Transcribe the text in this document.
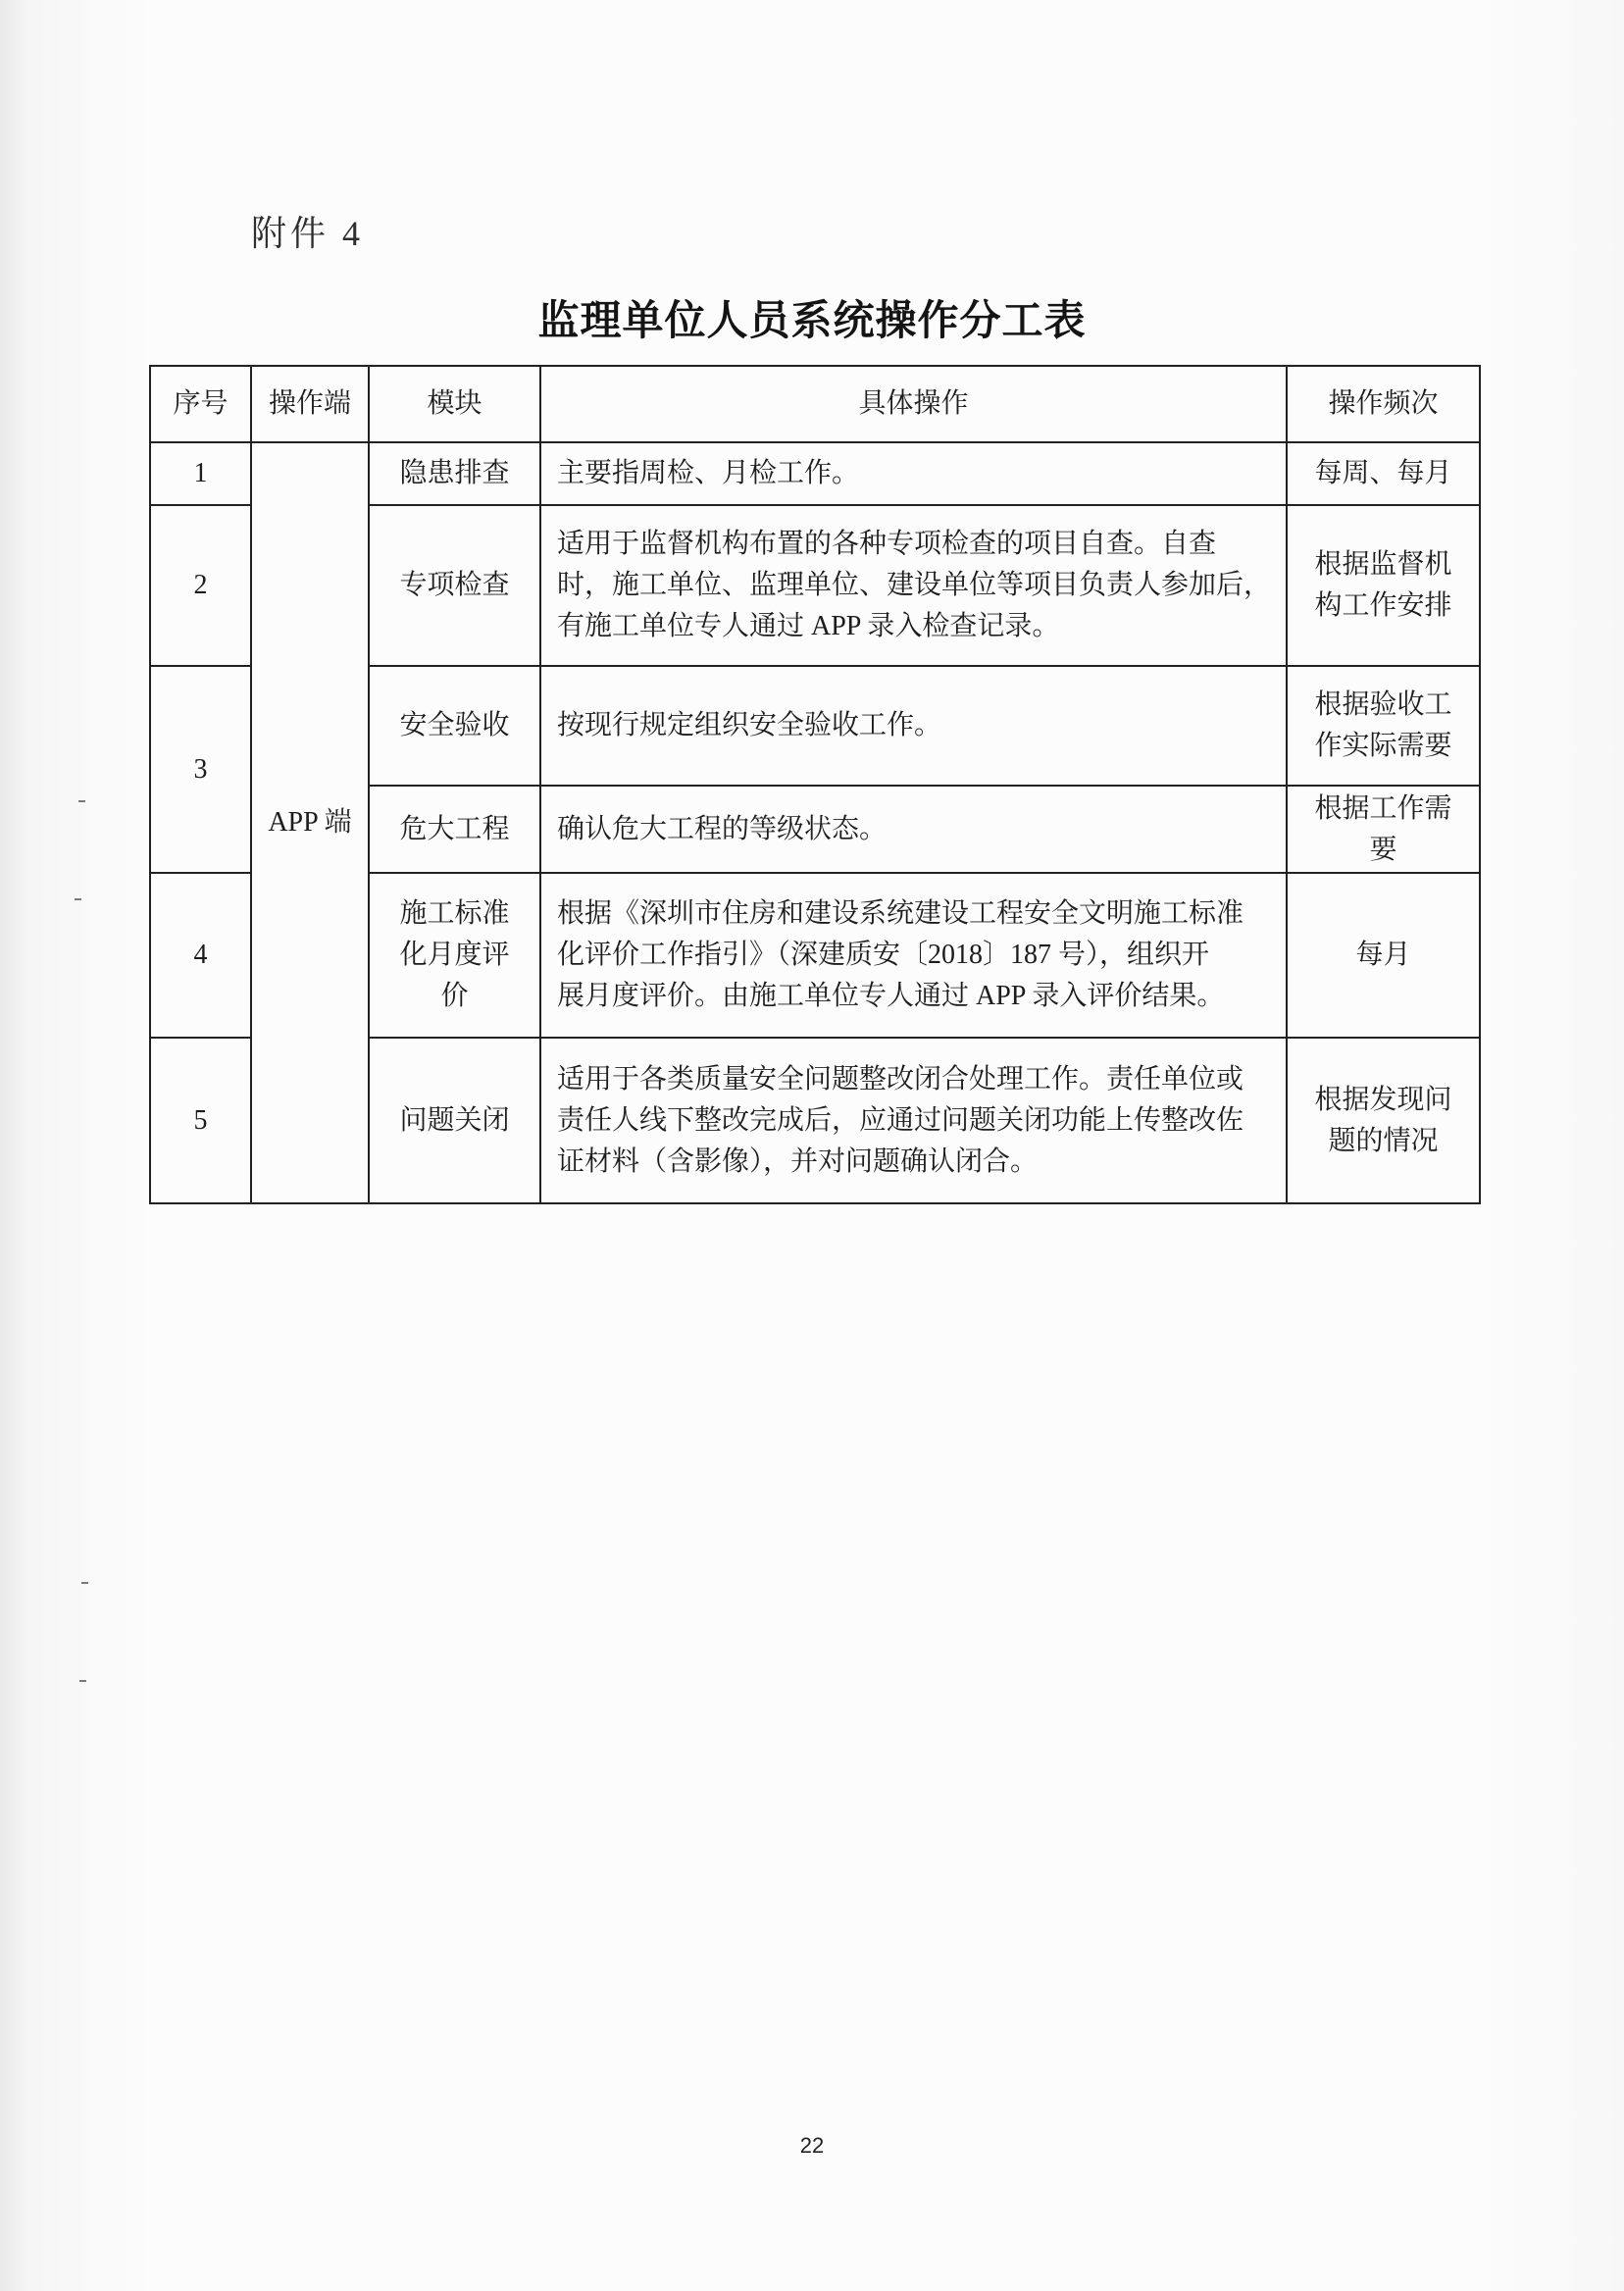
附件 4
监理单位人员系统操作分工表
序号	操作端	模块	具体操作	操作频次
1	APP 端	隐患排查	主要指周检、月检工作。	每周、每月

2		专项检查	适用于监督机构布置的各种专项检查的项目自查。自查
时，施工单位、监理单位、建设单位等项目负责人参加后，
有施工单位专人通过 APP 录入检查记录。	根据监督机
构工作安排

3		安全验收	按现行规定组织安全验收工作。	根据验收工
作实际需要

		危大工程	确认危大工程的等级状态。	根据工作需
要

4		施工标准
化月度评
价	根据《深圳市住房和建设系统建设工程安全文明施工标准
化评价工作指引》（深建质安〔2018〕187 号），组织开
展月度评价。由施工单位专人通过 APP 录入评价结果。	每月

5		问题关闭	适用于各类质量安全问题整改闭合处理工作。责任单位或
责任人线下整改完成后，应通过问题关闭功能上传整改佐
证材料（含影像），并对问题确认闭合。	根据发现问
题的情况
22
